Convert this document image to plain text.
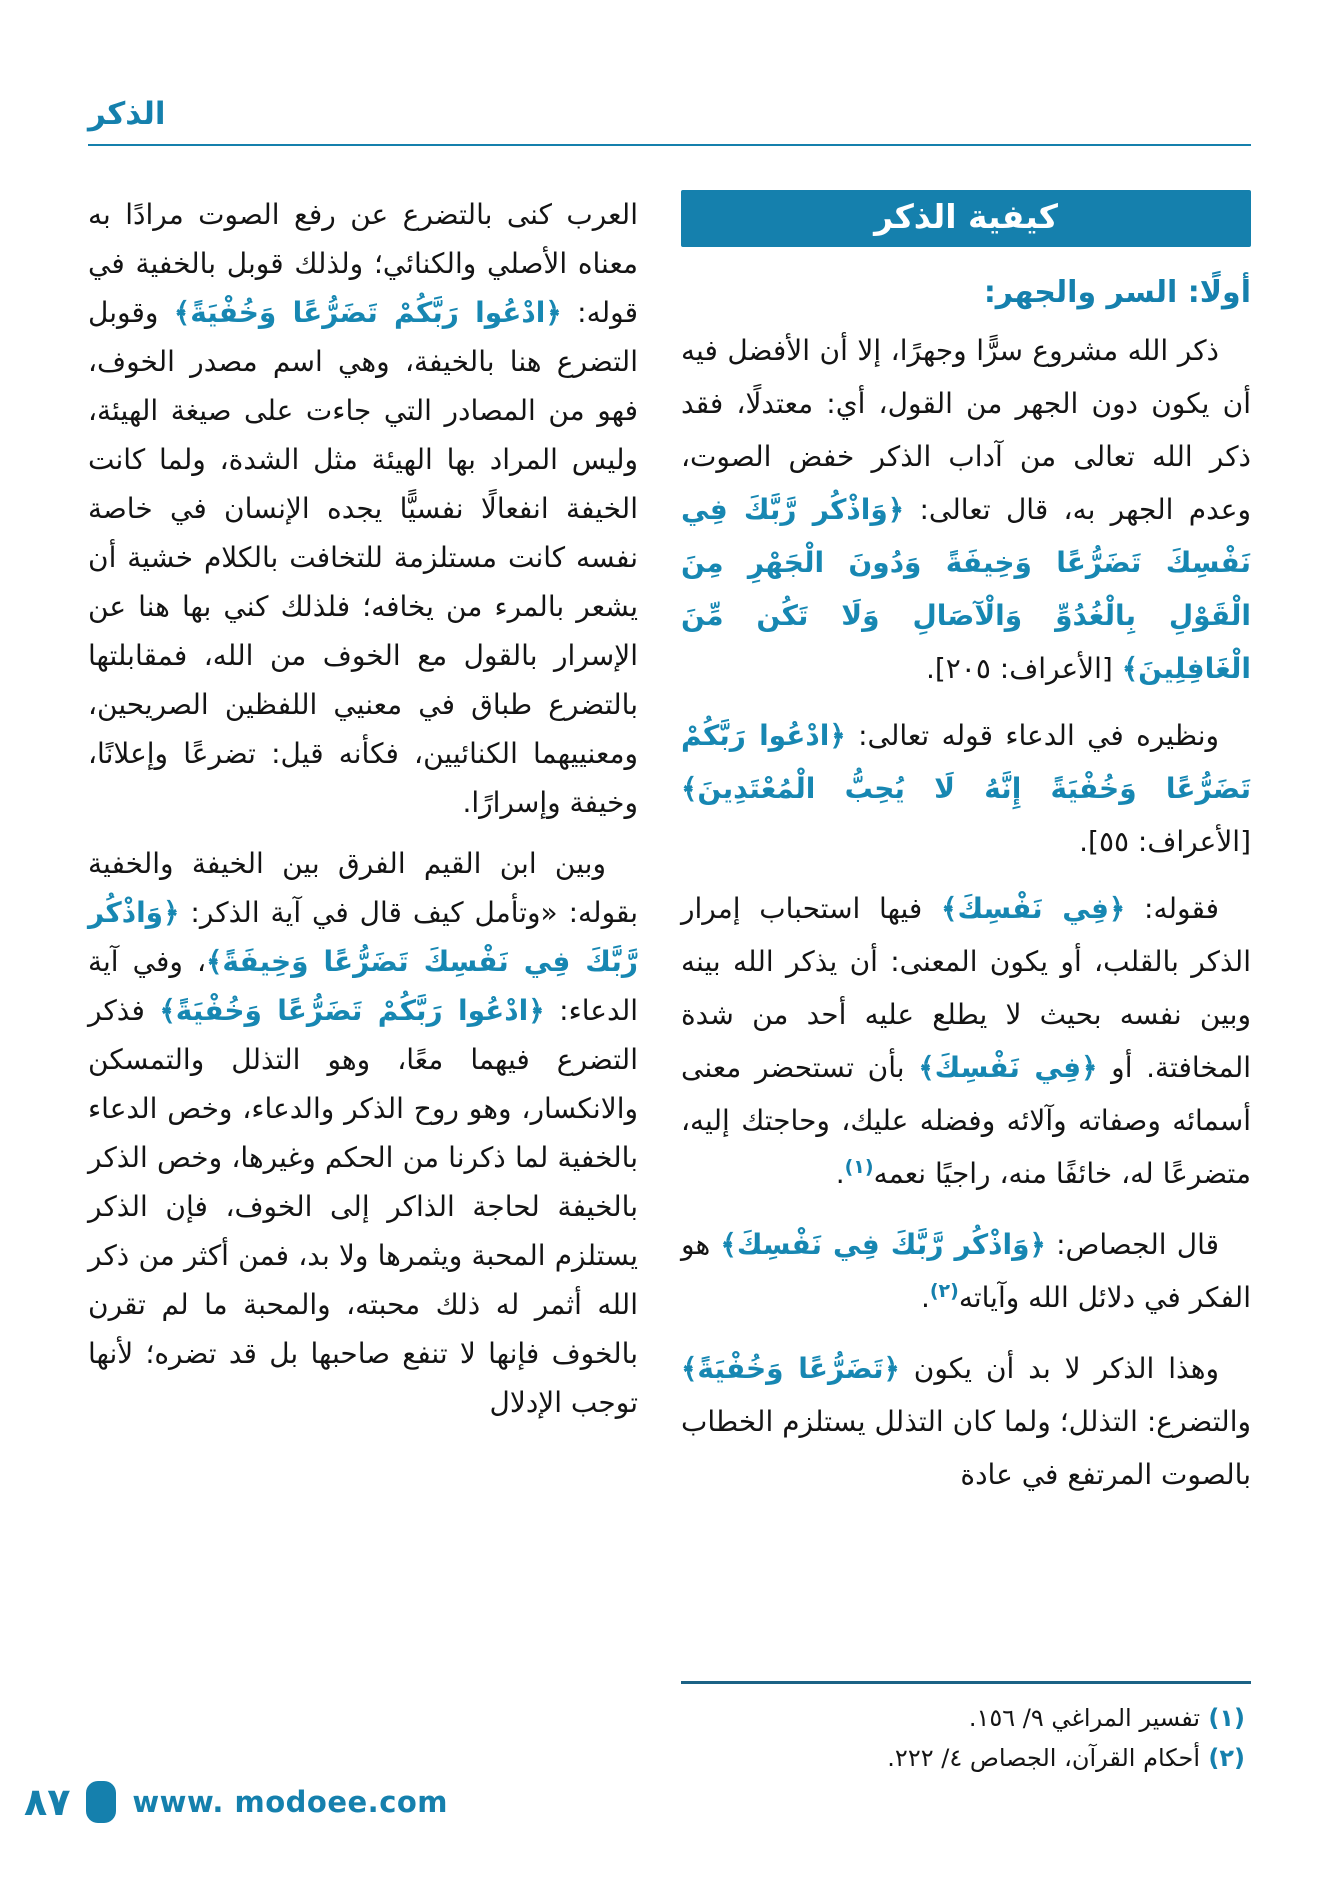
الذكر
كيفية الذكر
أولًا: السر والجهر:

ذكر الله مشروع سرًّا وجهرًا، إلا أن الأفضل فيه أن يكون دون الجهر من القول، أي: معتدلًا، فقد ذكر الله تعالى من آداب الذكر خفض الصوت، وعدم الجهر به، قال تعالى: ﴿وَاذْكُر رَّبَّكَ فِي نَفْسِكَ تَضَرُّعًا وَخِيفَةً وَدُونَ الْجَهْرِ مِنَ الْقَوْلِ بِالْغُدُوِّ وَالْآصَالِ وَلَا تَكُن مِّنَ الْغَافِلِينَ﴾ [الأعراف: ٢٠٥].

ونظيره في الدعاء قوله تعالى: ﴿ادْعُوا رَبَّكُمْ تَضَرُّعًا وَخُفْيَةً إِنَّهُ لَا يُحِبُّ الْمُعْتَدِينَ﴾ [الأعراف: ٥٥].

فقوله: ﴿فِي نَفْسِكَ﴾ فيها استحباب إمرار الذكر بالقلب، أو يكون المعنى: أن يذكر الله بينه وبين نفسه بحيث لا يطلع عليه أحد من شدة المخافتة. أو ﴿فِي نَفْسِكَ﴾ بأن تستحضر معنى أسمائه وصفاته وآلائه وفضله عليك، وحاجتك إليه، متضرعًا له، خائفًا منه، راجيًا نعمه$^{(١)}$.

قال الجصاص: ﴿وَاذْكُر رَّبَّكَ فِي نَفْسِكَ﴾ هو الفكر في دلائل الله وآياته$^{(٢)}$.

وهذا الذكر لا بد أن يكون ﴿تَضَرُّعًا وَخُفْيَةً﴾ والتضرع: التذلل؛ ولما كان التذلل يستلزم الخطاب بالصوت المرتفع في عادة

(١) تفسير المراغي ٩/ ١٥٦.
(٢) أحكام القرآن، الجصاص ٤/ ٢٢٢.

العرب كنى بالتضرع عن رفع الصوت مرادًا به معناه الأصلي والكنائي؛ ولذلك قوبل بالخفية في قوله: ﴿ادْعُوا رَبَّكُمْ تَضَرُّعًا وَخُفْيَةً﴾ وقوبل التضرع هنا بالخيفة، وهي اسم مصدر الخوف، فهو من المصادر التي جاءت على صيغة الهيئة، وليس المراد بها الهيئة مثل الشدة، ولما كانت الخيفة انفعالًا نفسيًّا يجده الإنسان في خاصة نفسه كانت مستلزمة للتخافت بالكلام خشية أن يشعر بالمرء من يخافه؛ فلذلك كني بها هنا عن الإسرار بالقول مع الخوف من الله، فمقابلتها بالتضرع طباق في معنيي اللفظين الصريحين، ومعنييهما الكنائيين، فكأنه قيل: تضرعًا وإعلانًا، وخيفة وإسرارًا.

وبين ابن القيم الفرق بين الخيفة والخفية بقوله: «وتأمل كيف قال في آية الذكر: ﴿وَاذْكُر رَّبَّكَ فِي نَفْسِكَ تَضَرُّعًا وَخِيفَةً﴾، وفي آية الدعاء: ﴿ادْعُوا رَبَّكُمْ تَضَرُّعًا وَخُفْيَةً﴾ فذكر التضرع فيهما معًا، وهو التذلل والتمسكن والانكسار، وهو روح الذكر والدعاء، وخص الدعاء بالخفية لما ذكرنا من الحكم وغيرها، وخص الذكر بالخيفة لحاجة الذاكر إلى الخوف، فإن الذكر يستلزم المحبة ويثمرها ولا بد، فمن أكثر من ذكر الله أثمر له ذلك محبته، والمحبة ما لم تقرن بالخوف فإنها لا تنفع صاحبها بل قد تضره؛ لأنها توجب الإدلال

٨٧ www. modoee.com
